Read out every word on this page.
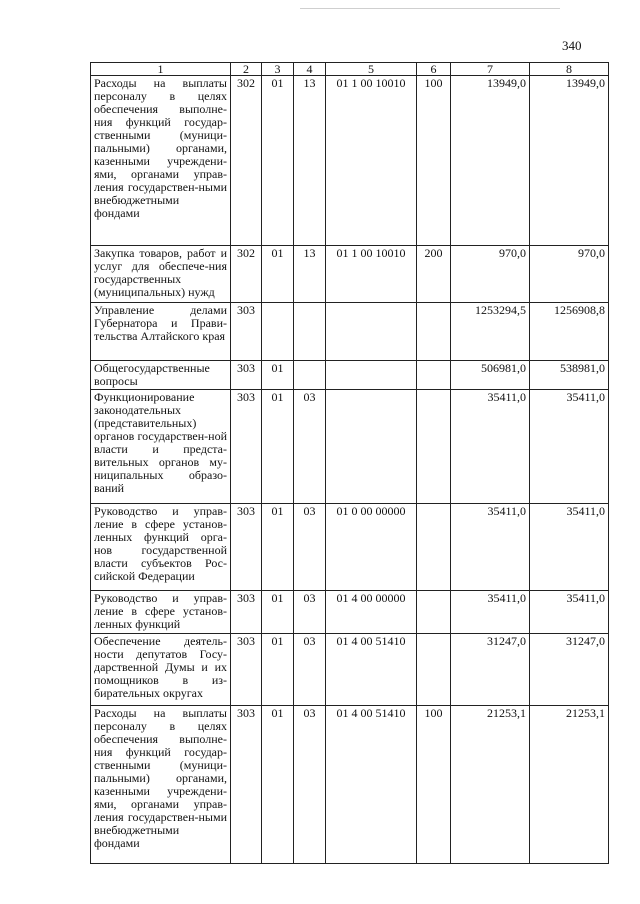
340
1	2	3	4	5	6	7	8
Расходы на выплаты персоналу в целях обеспечения выполне-ния функций государ-ственными (муници-пальными) органами, казенными учреждени-ями, органами управ-ления государствен-ными внебюджетными фондами	302	01	13	01 1 00 10010	100	13949,0	13949,0
Закупка товаров, работ и услуг для обеспече-ния государственных (муниципальных) нужд	302	01	13	01 1 00 10010	200	970,0	970,0
Управление делами Губернатора и Прави-тельства Алтайского края	303					1253294,5	1256908,8
Общегосударственные вопросы	303	01				506981,0	538981,0
Функционирование законодательных (представительных) органов государствен-ной власти и предста-вительных органов му-ниципальных образо-ваний	303	01	03			35411,0	35411,0
Руководство и управ-ление в сфере установ-ленных функций орга-нов государственной власти субъектов Рос-сийской Федерации	303	01	03	01 0 00 00000		35411,0	35411,0
Руководство и управ-ление в сфере установ-ленных функций	303	01	03	01 4 00 00000		35411,0	35411,0
Обеспечение деятель-ности депутатов Госу-дарственной Думы и их помощников в из-бирательных округах	303	01	03	01 4 00 51410		31247,0	31247,0
Расходы на выплаты персоналу в целях обеспечения выполне-ния функций государ-ственными (муници-пальными) органами, казенными учреждени-ями, органами управ-ления государствен-ными внебюджетными фондами	303	01	03	01 4 00 51410	100	21253,1	21253,1
